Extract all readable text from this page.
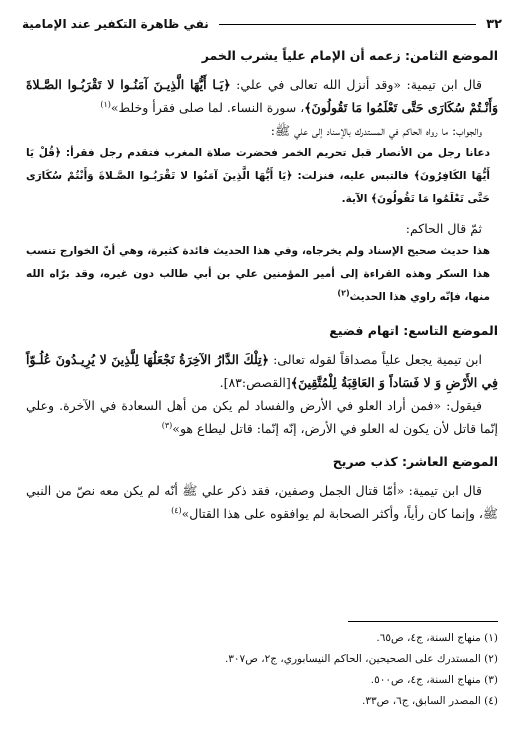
٣٢
نفي ظاهرة التكفير عند الإمامية
الموضع الثامن: زعمه أن الإمام علياً يشرب الخمر

قال ابن تيمية: «وقد أنزل الله تعالى في علي: ﴿يَـا أَيُّهَا الَّذِيـنَ آمَنُـوا لا تَقْرَبُـوا الصَّـلاةَ وَأَنْـتُمْ سُكَارَى حَتَّى تَعْلَمُوا مَا تَقُولُونَ﴾، سورة النساء. لما صلى فقرأ وخلط»$^{(١)}$

والجواب: ما رواه الحاكم في المستدرك بالإسناد إلى علي ﷺ:

دعانا رجل من الأنصار قبل تحريم الخمر فحضرت صلاة المغرب فتقدم رجل فقرأ: ﴿قُلْ يَا أَيُّهَا الكَافِرُونَ﴾ فالتبس عليه، فنزلت: ﴿يَا أَيُّهَا الَّذِينَ آمَنُوا لا تَقْرَبُـوا الصَّـلاةَ وَأَنْتُمْ سُكَارَى حَتَّى تَعْلَمُوا مَا تَقُولُونَ﴾ الآية.

ثمّ قال الحاكم:

هذا حديث صحيح الإسناد ولم يخرجاه، وفي هذا الحديث فائدة كثيرة، وهي أنّ الخوارج تنسب هذا السكر وهذه القراءة إلى أمير المؤمنين علي بن أبي طالب دون غيره، وقد برّاه الله منها، فإنّه راوي هذا الحديث$^{(٢)}$
الموضع التاسع: اتهام فضيع

ابن تيمية يجعل علياً مصداقاً لقوله تعالى: ﴿تِلْكَ الدَّارُ الآخِرَةُ نَجْعَلُهَا لِلَّذِينَ لا يُرِيـدُونَ عُلُـوّاً فِي الأَرْضِ وَ لا فَسَاداً وَ العَاقِبَةُ لِلْمُتَّقِينَ﴾[القصص:٨٣].

فيقول: «فمن أراد العلو في الأرض والفساد لم يكن من أهل السعادة في الآخرة. وعلي إنّما قاتل لأن يكون له العلو في الأرض، إنّه إنّما: قاتل ليطاع هو»$^{(٣)}$

الموضع العاشر: كذب صريح

قال ابن تيمية: «أمّا قتال الجمل وصفين، فقد ذكر علي ﷺ أنّه لم يكن معه نصّ من النبي ﷺ، وإنما كان رأياً، وأكثر الصحابة لم يوافقوه على هذا القتال»$^{(٤)}$

(١) منهاج السنة، ج٤، ص٦٥.

(٢) المستدرك على الصحيحين، الحاكم النيسابوري، ج٢، ص٣٠٧.

(٣) منهاج السنة، ج٤، ص٥٠٠.

(٤) المصدر السابق، ج٦، ص٣٣.
